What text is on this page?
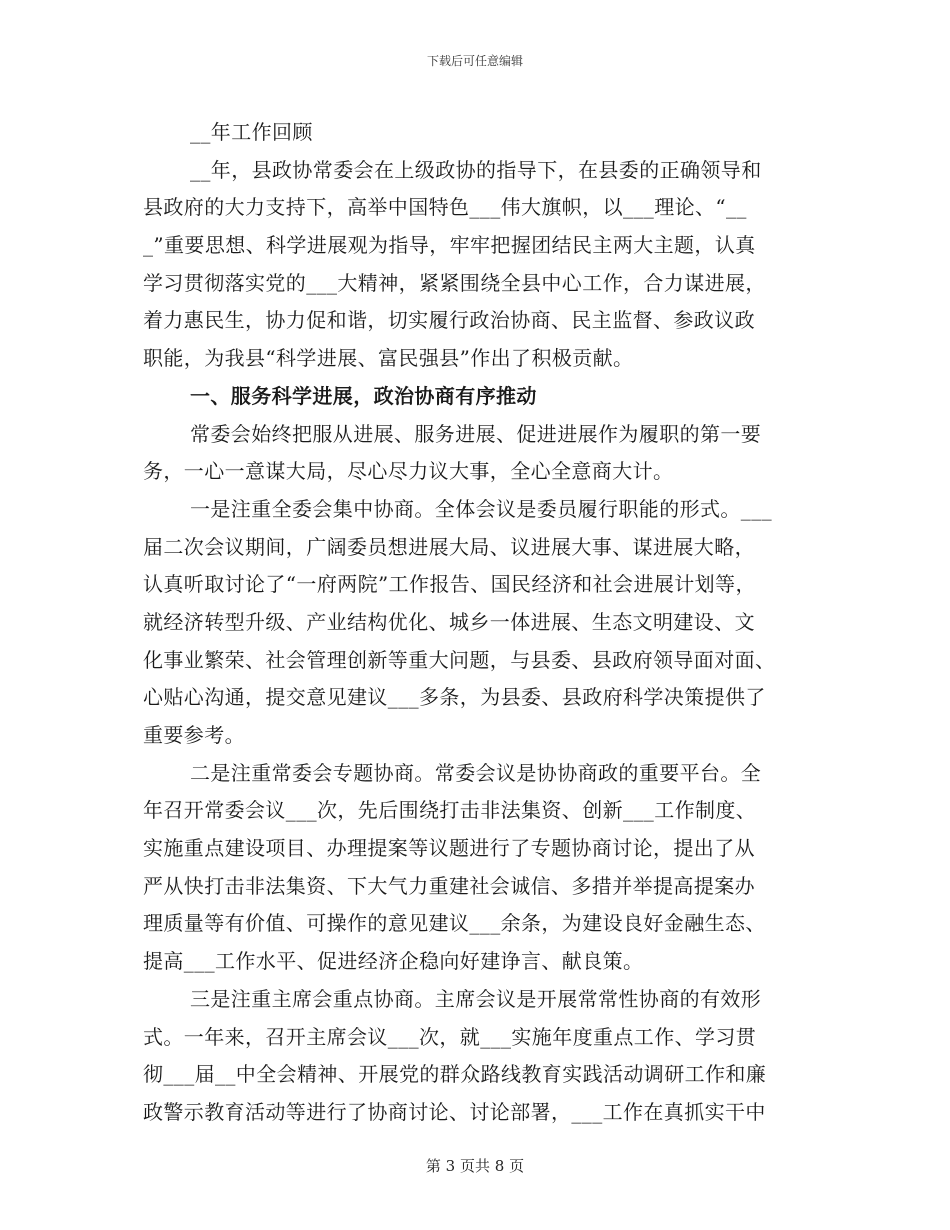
下载后可任意编辑
__年工作回顾
__年，县政协常委会在上级政协的指导下，在县委的正确领导和
县政府的大力支持下，高举中国特色___伟大旗帜，以___理论、“__
_”重要思想、科学进展观为指导，牢牢把握团结民主两大主题，认真
学习贯彻落实党的___大精神，紧紧围绕全县中心工作，合力谋进展，
着力惠民生，协力促和谐，切实履行政治协商、民主监督、参政议政
职能，为我县“科学进展、富民强县”作出了积极贡献。
一、服务科学进展，政治协商有序推动
常委会始终把服从进展、服务进展、促进进展作为履职的第一要
务，一心一意谋大局，尽心尽力议大事，全心全意商大计。
一是注重全委会集中协商。全体会议是委员履行职能的形式。___
届二次会议期间，广阔委员想进展大局、议进展大事、谋进展大略，
认真听取讨论了“一府两院”工作报告、国民经济和社会进展计划等，
就经济转型升级、产业结构优化、城乡一体进展、生态文明建设、文
化事业繁荣、社会管理创新等重大问题，与县委、县政府领导面对面、
心贴心沟通，提交意见建议___多条，为县委、县政府科学决策提供了
重要参考。
二是注重常委会专题协商。常委会议是协协商政的重要平台。全
年召开常委会议___次，先后围绕打击非法集资、创新___工作制度、
实施重点建设项目、办理提案等议题进行了专题协商讨论，提出了从
严从快打击非法集资、下大气力重建社会诚信、多措并举提高提案办
理质量等有价值、可操作的意见建议___余条，为建设良好金融生态、
提高___工作水平、促进经济企稳向好建诤言、献良策。
三是注重主席会重点协商。主席会议是开展常常性协商的有效形
式。一年来，召开主席会议___次，就___实施年度重点工作、学习贯
彻___届__中全会精神、开展党的群众路线教育实践活动调研工作和廉
政警示教育活动等进行了协商讨论、讨论部署，___工作在真抓实干中
第 3 页共 8 页
